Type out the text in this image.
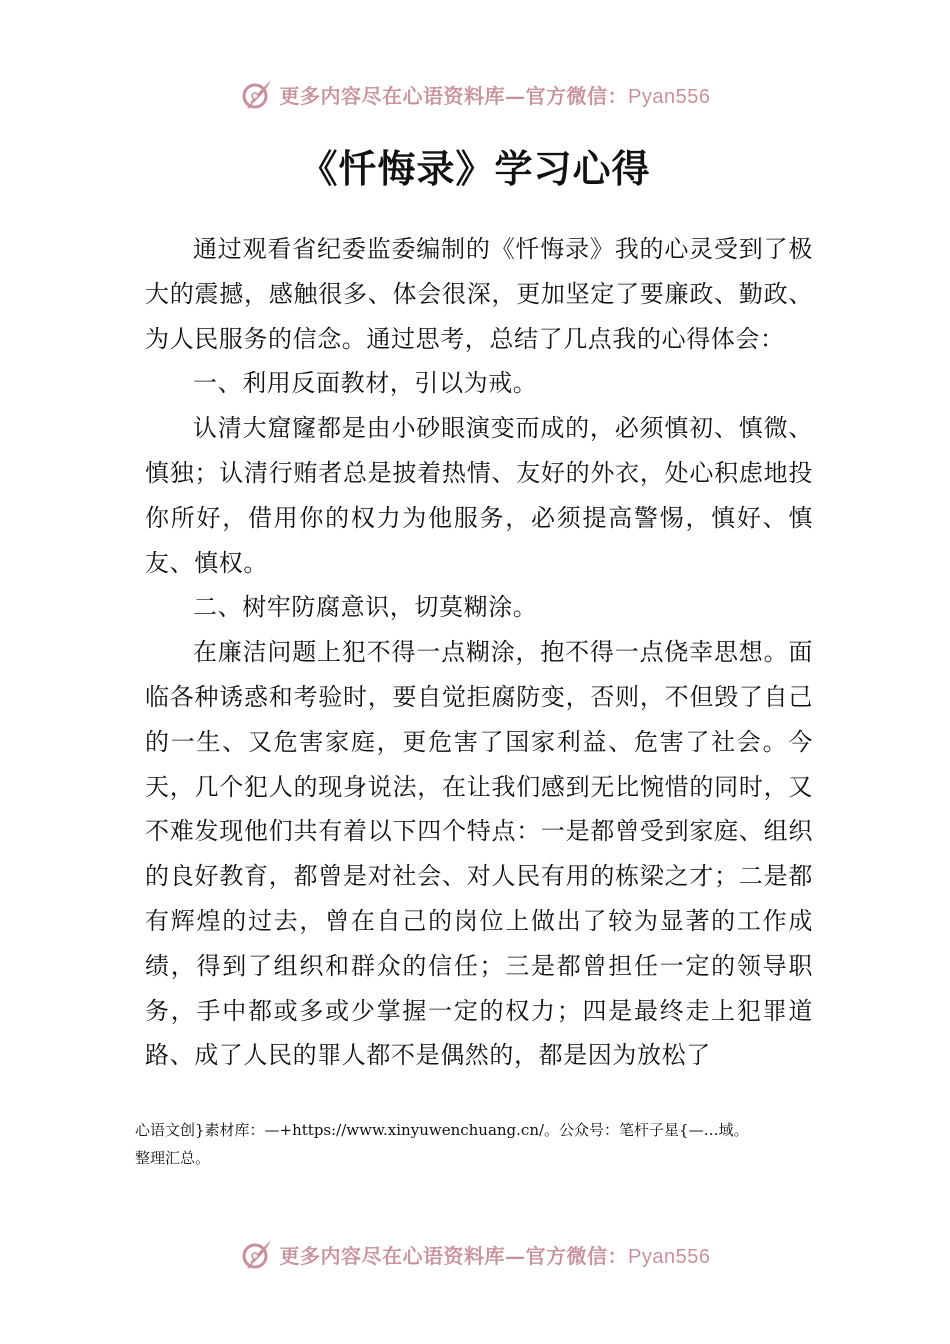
更多内容尽在心语资料库—官方微信：Pyan556
《忏悔录》学习心得

通过观看省纪委监委编制的《忏悔录》我的心灵受到了极大的震撼，感触很多、体会很深，更加坚定了要廉政、勤政、为人民服务的信念。通过思考，总结了几点我的心得体会：

一、利用反面教材，引以为戒。

认清大窟窿都是由小砂眼演变而成的，必须慎初、慎微、慎独；认清行贿者总是披着热情、友好的外衣，处心积虑地投你所好，借用你的权力为他服务，必须提高警惕，慎好、慎友、慎权。

二、树牢防腐意识，切莫糊涂。

在廉洁问题上犯不得一点糊涂，抱不得一点侥幸思想。面临各种诱惑和考验时，要自觉拒腐防变，否则，不但毁了自己的一生、又危害家庭，更危害了国家利益、危害了社会。今天，几个犯人的现身说法，在让我们感到无比惋惜的同时，又不难发现他们共有着以下四个特点：一是都曾受到家庭、组织的良好教育，都曾是对社会、对人民有用的栋梁之才；二是都有辉煌的过去，曾在自己的岗位上做出了较为显著的工作成绩，得到了组织和群众的信任；三是都曾担任一定的领导职务，手中都或多或少掌握一定的权力；四是最终走上犯罪道路、成了人民的罪人都不是偶然的，都是因为放松了

心语文创}素材库：—+https://www.xinyuwenchuang.cn/。公众号：笔杆子星{—…域。
整理汇总。
更多内容尽在心语资料库—官方微信：Pyan556
